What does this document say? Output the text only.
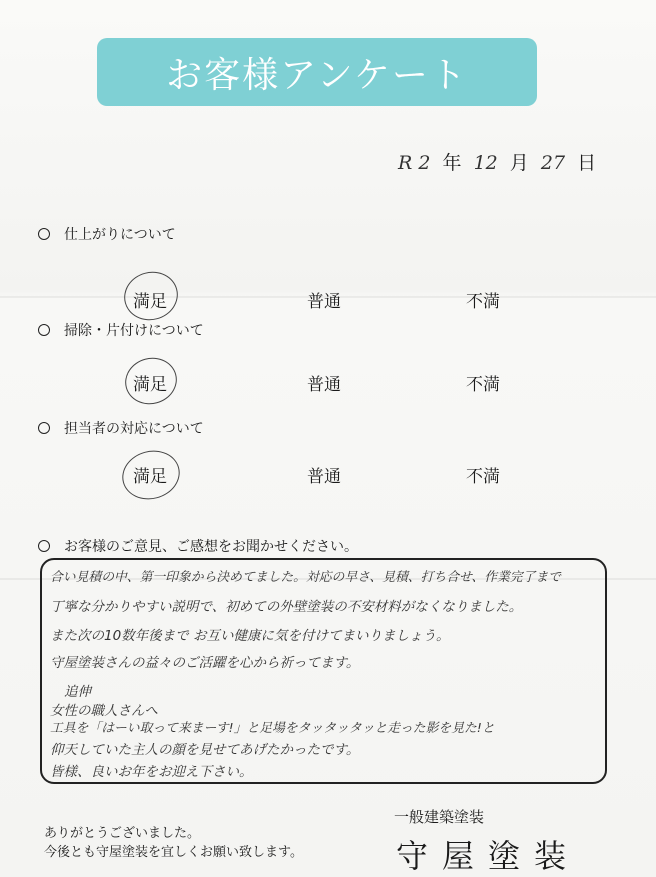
お客様アンケート
R 2 年 12 月 27 日
仕上がりについて
満足	普通	不満
掃除・片付けについて
満足	普通	不満
担当者の対応について
満足	普通	不満
お客様のご意見、ご感想をお聞かせください。
合い見積の中、第一印象から決めてました。対応の早さ、見積、打ち合せ、作業完了まで
丁寧な分かりやすい説明で、初めての外壁塗装の不安材料がなくなりました。
また次の10数年後まで お互い健康に気を付けてまいりましょう。
守屋塗装さんの益々のご活躍を心から祈ってます。
追伸
女性の職人さんへ
工具を「はーい取って来まーす!」と足場をタッタッタッと走った影を見た!と
仰天していた主人の顔を見せてあげたかったです。
皆様、良いお年をお迎え下さい。
ありがとうございました。
今後とも守屋塗装を宜しくお願い致します。
一般建築塗装
守屋塗装
